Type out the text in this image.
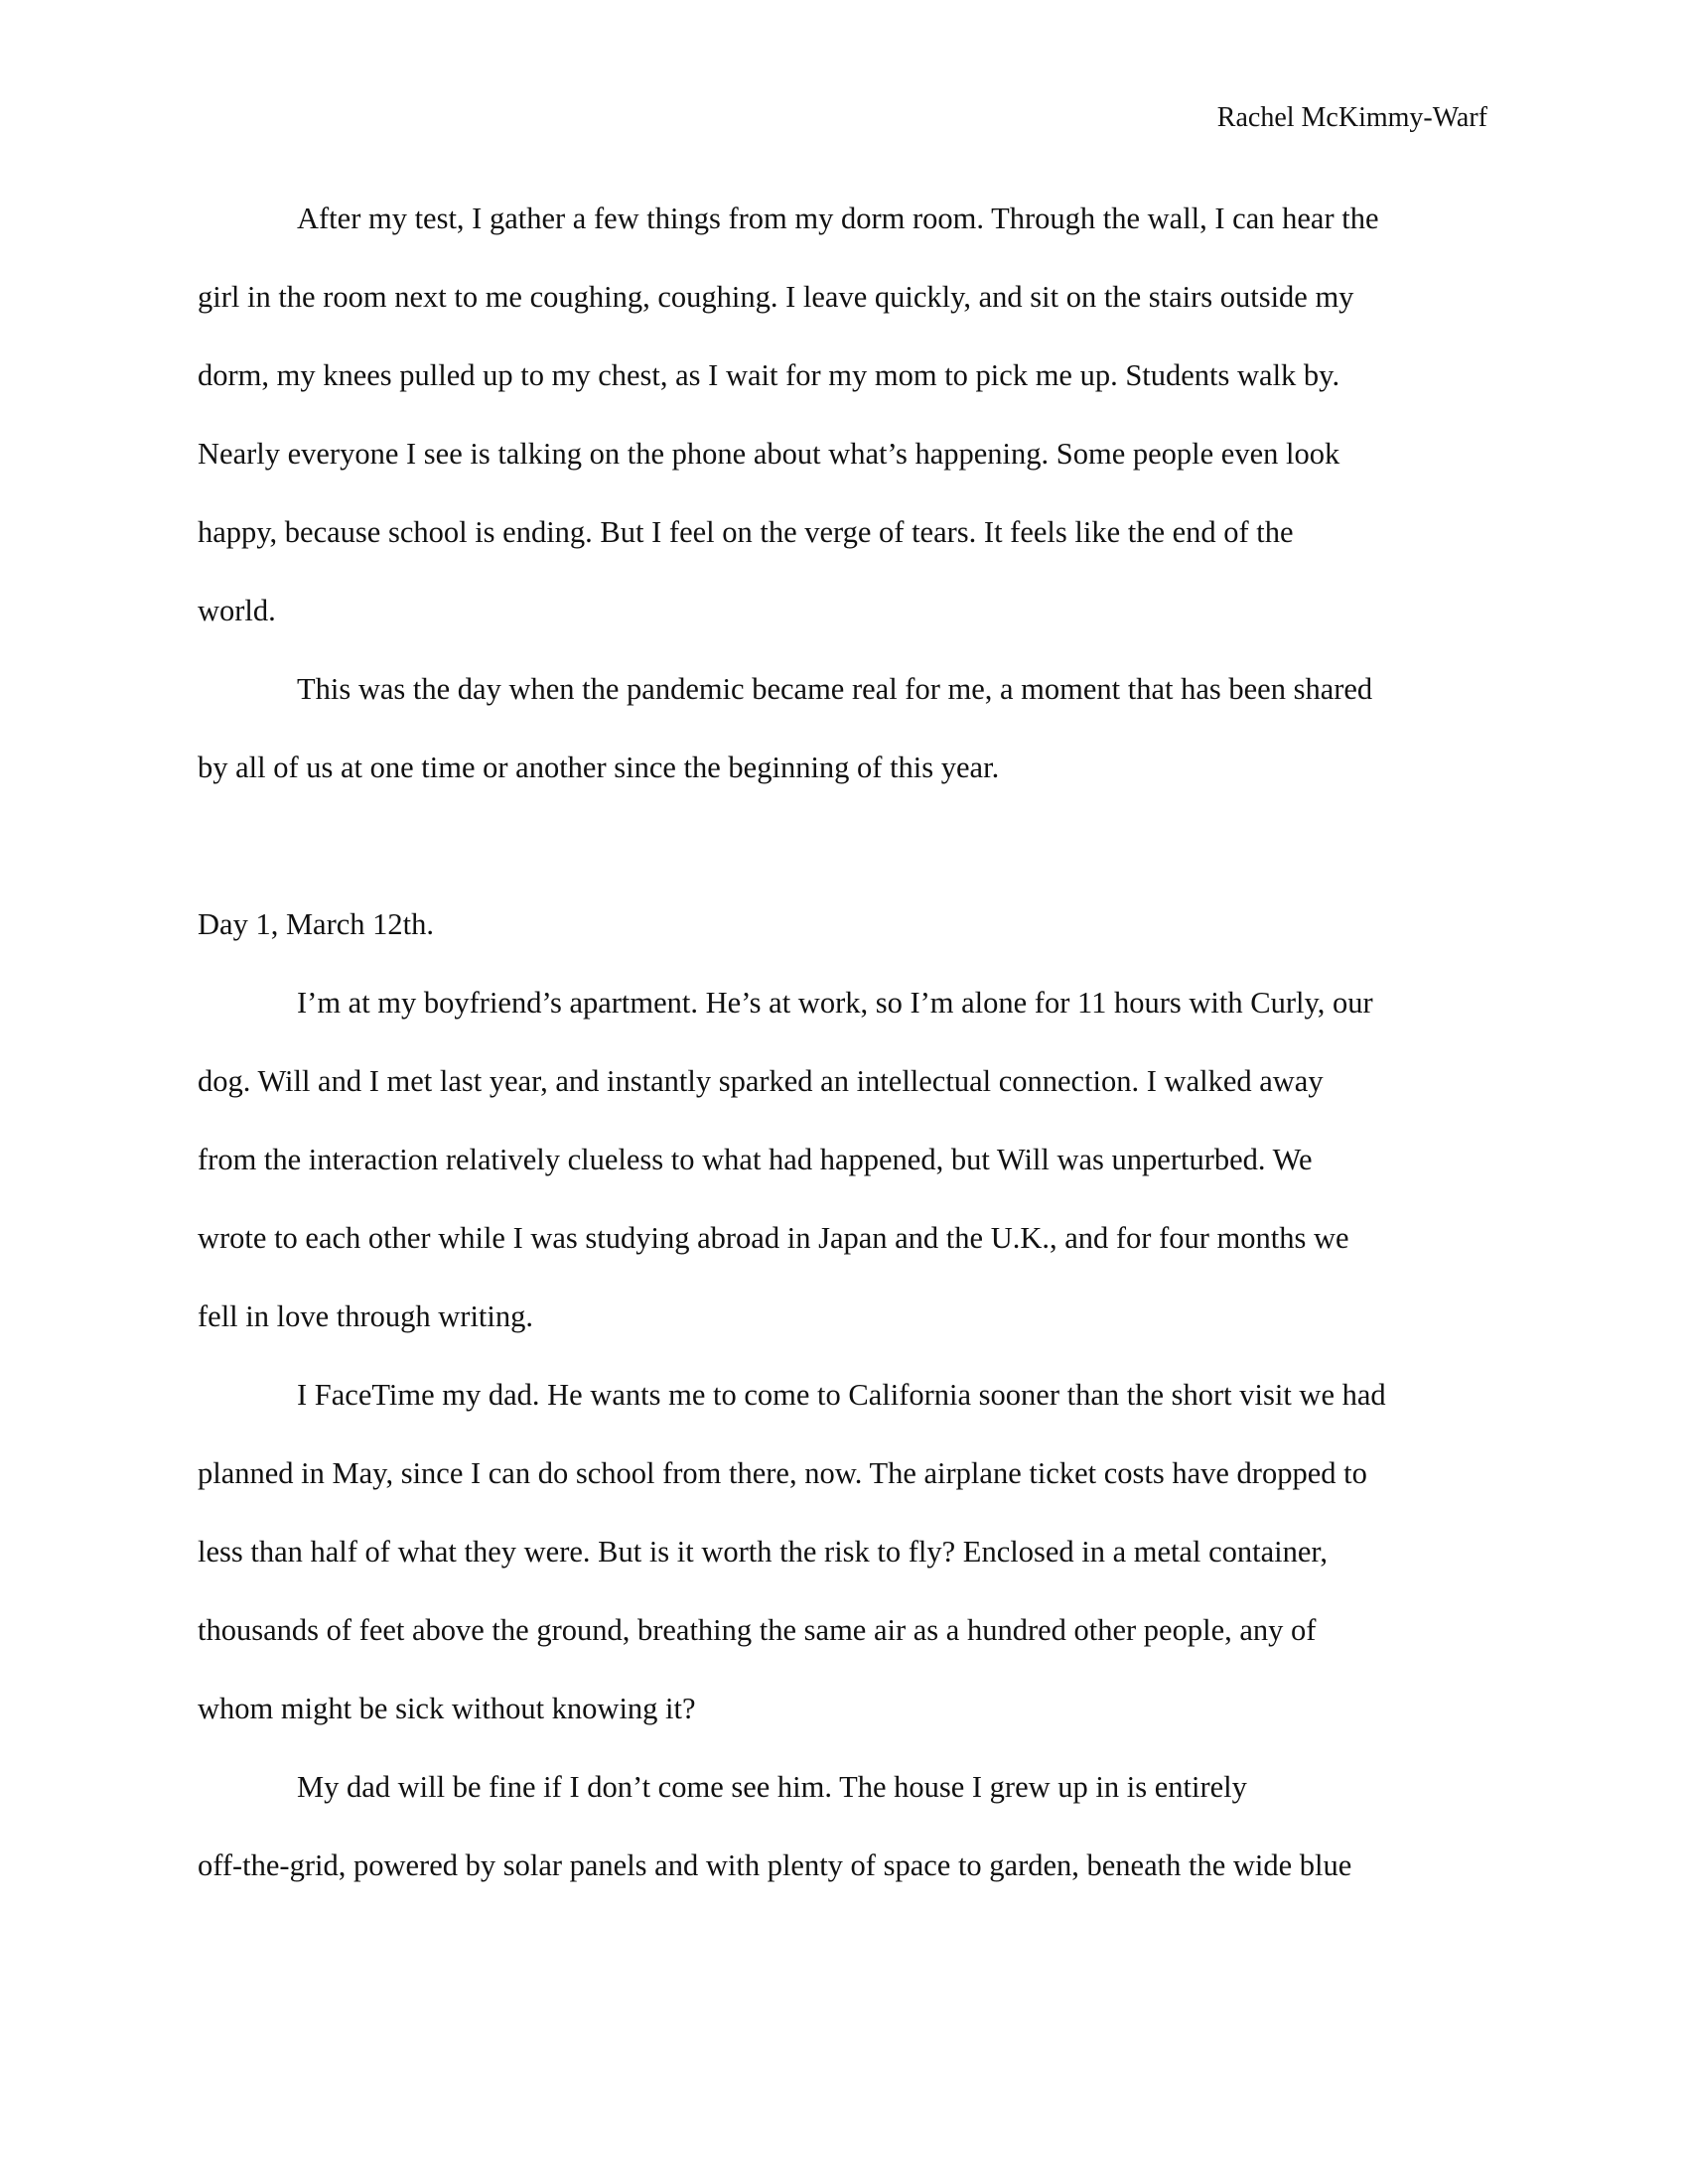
Rachel McKimmy-Warf
After my test, I gather a few things from my dorm room. Through the wall, I can hear the
girl in the room next to me coughing, coughing. I leave quickly, and sit on the stairs outside my
dorm, my knees pulled up to my chest, as I wait for my mom to pick me up. Students walk by.
Nearly everyone I see is talking on the phone about what’s happening. Some people even look
happy, because school is ending. But I feel on the verge of tears. It feels like the end of the
world.
This was the day when the pandemic became real for me, a moment that has been shared
by all of us at one time or another since the beginning of this year.
Day 1, March 12th.
I’m at my boyfriend’s apartment. He’s at work, so I’m alone for 11 hours with Curly, our
dog. Will and I met last year, and instantly sparked an intellectual connection. I walked away
from the interaction relatively clueless to what had happened, but Will was unperturbed. We
wrote to each other while I was studying abroad in Japan and the U.K., and for four months we
fell in love through writing.
I FaceTime my dad. He wants me to come to California sooner than the short visit we had
planned in May, since I can do school from there, now. The airplane ticket costs have dropped to
less than half of what they were. But is it worth the risk to fly? Enclosed in a metal container,
thousands of feet above the ground, breathing the same air as a hundred other people, any of
whom might be sick without knowing it?
My dad will be fine if I don’t come see him. The house I grew up in is entirely
off-the-grid, powered by solar panels and with plenty of space to garden, beneath the wide blue
